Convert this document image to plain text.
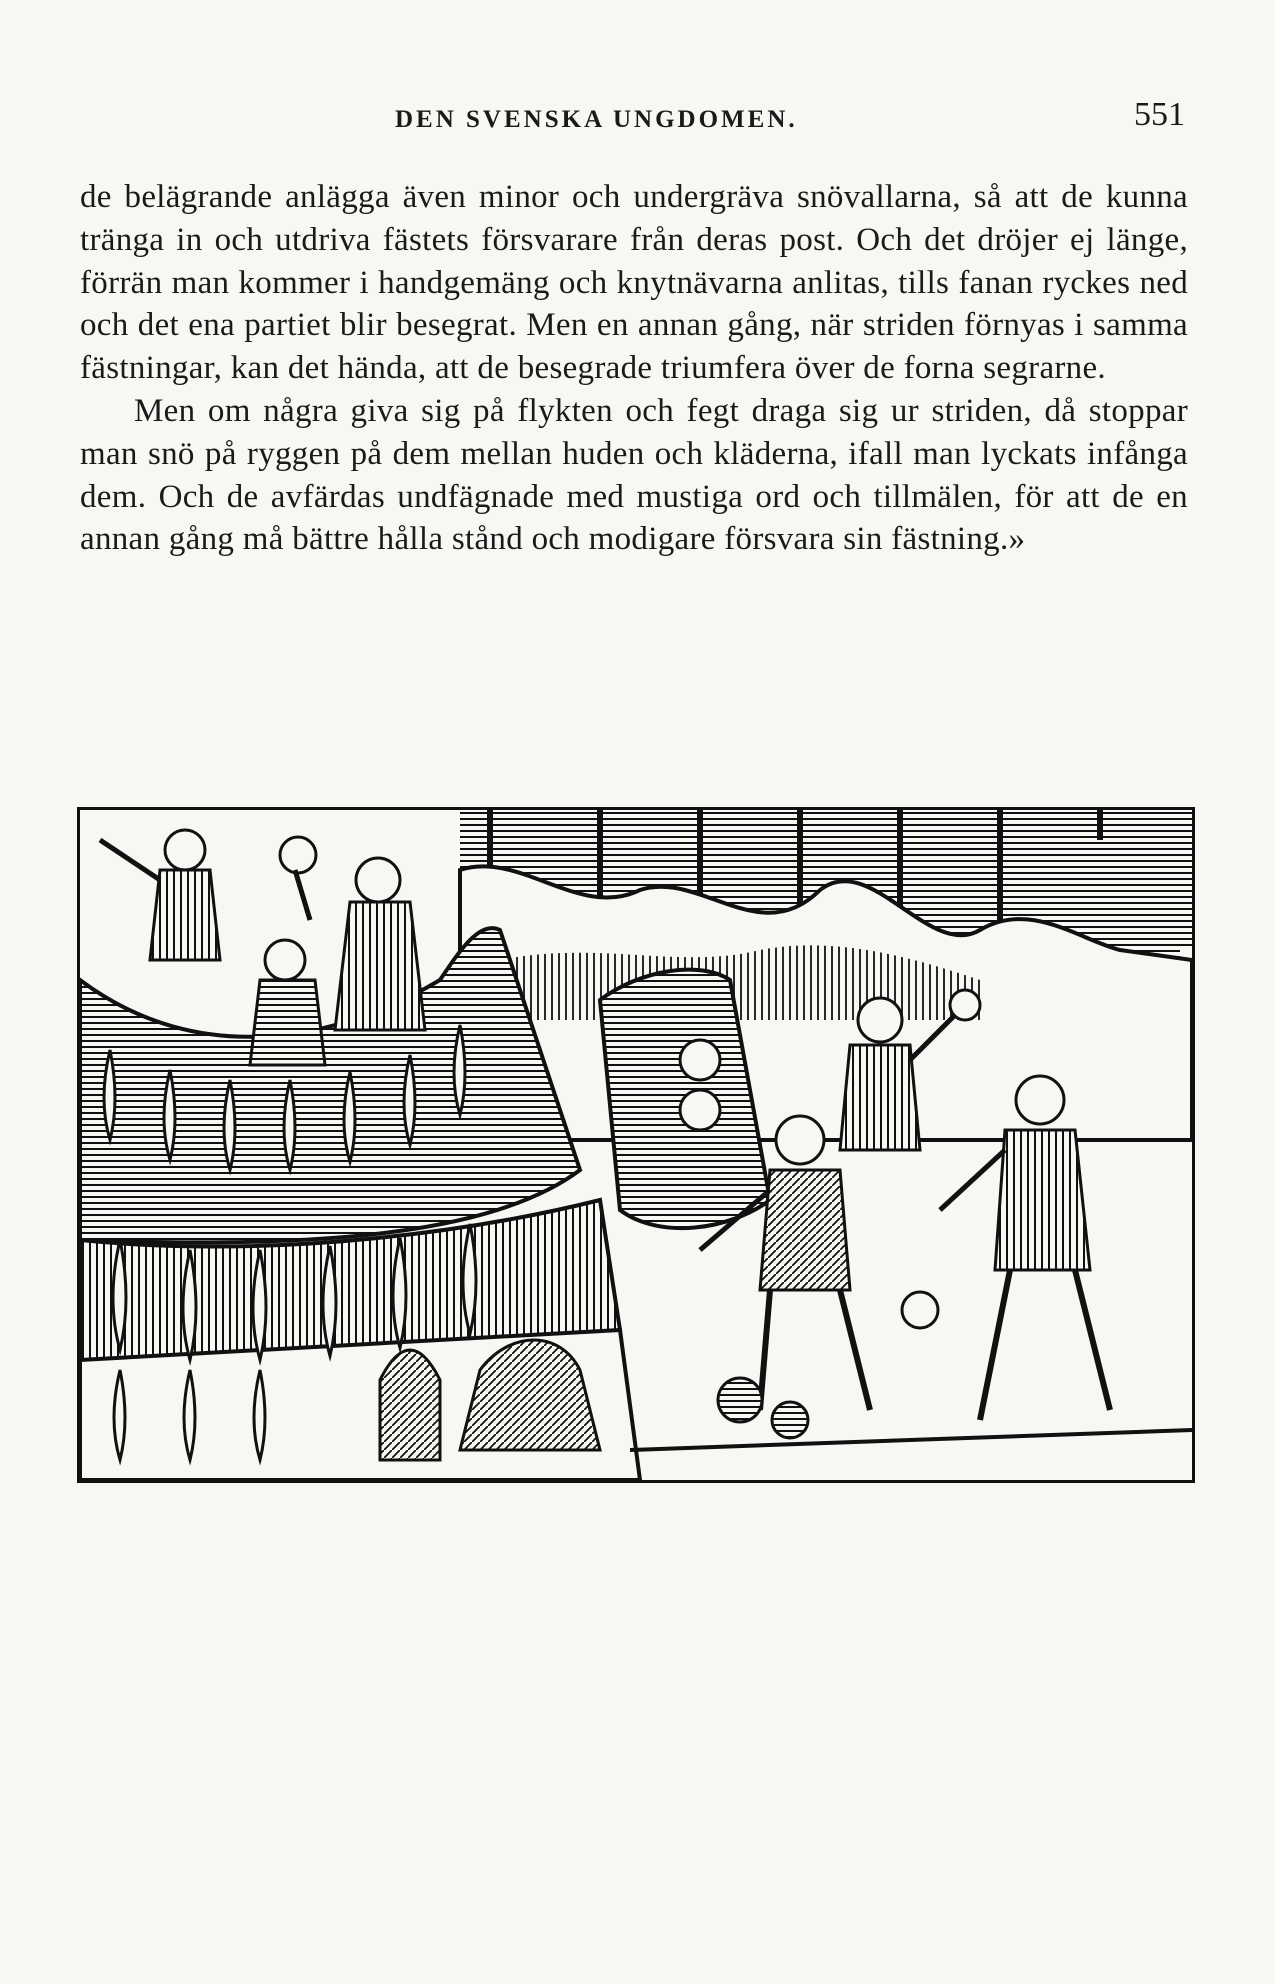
DEN SVENSKA UNGDOMEN.	551

de belägrande anlägga även minor och undergräva snövallarna, så att de kunna tränga in och utdriva fästets försvarare från deras post. Och det dröjer ej länge, förrän man kommer i handgemäng och knytnävarna anlitas, tills fanan ryckes ned och det ena partiet blir besegrat. Men en annan gång, när striden förnyas i samma fästningar, kan det hända, att de besegrade triumfera över de forna segrarne.

Men om några giva sig på flykten och fegt draga sig ur striden, då stoppar man snö på ryggen på dem mellan huden och kläderna, ifall man lyckats infånga dem. Och de avfärdas undfägnade med mustiga ord och tillmälen, för att de en annan gång må bättre hålla stånd och modigare försvara sin fästning.»
